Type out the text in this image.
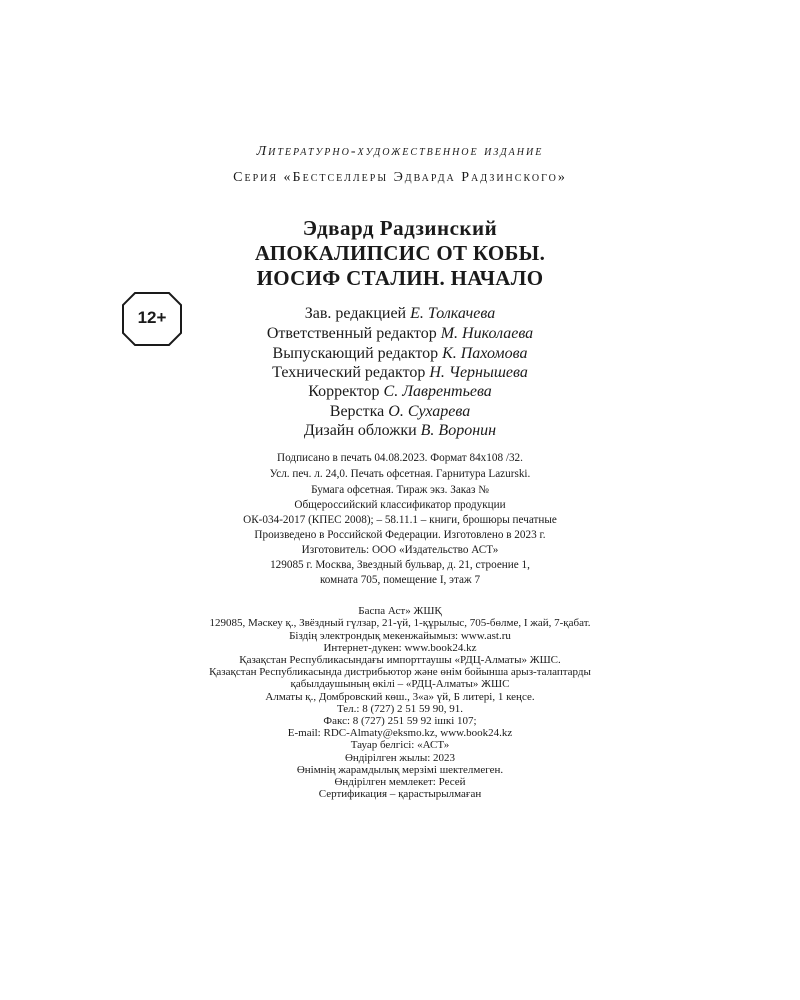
Литературно-художественное издание
Серия «Бестселлеры Эдварда Радзинского»
Эдвард Радзинский
АПОКАЛИПСИС ОТ КОБЫ.
ИОСИФ СТАЛИН. НАЧАЛО
12+	Зав. редакцией Е. Толкачева
Ответственный редактор М. Николаева
Выпускающий редактор К. Пахомова
Технический редактор Н. Чернышева
Корректор С. Лаврентьева
Верстка О. Сухарева
Дизайн обложки В. Воронин
Подписано в печать 04.08.2023. Формат 84x108 /32.
Усл. печ. л. 24,0. Печать офсетная. Гарнитура Lazurski.
Бумага офсетная. Тираж экз. Заказ №
Общероссийский классификатор продукции
ОК-034-2017 (КПЕС 2008); – 58.11.1 – книги, брошюры печатные
Произведено в Российской Федерации. Изготовлено в 2023 г.
Изготовитель: ООО «Издательство АСТ»
129085 г. Москва, Звездный бульвар, д. 21, строение 1,
комната 705, помещение I, этаж 7
Баспа Аст» ЖШҚ
129085, Мәскеу қ., Звёздный гүлзар, 21-үй, 1-құрылыс, 705-бөлме, I жай, 7-қабат.
Біздің электрондық мекенжайымыз: www.ast.ru
Интернет-дукен: www.book24.kz
Қазақстан Республикасындағы импорттаушы «РДЦ-Алматы» ЖШС.
Қазақстан Республикасында дистрибьютор және өнім бойынша арыз-талаптарды
қабылдаушының өкілі – «РДЦ-Алматы» ЖШС
Алматы қ., Домбровский көш., 3«а» үй, Б литері, 1 кеңсе.
Тел.: 8 (727) 2 51 59 90, 91.
Факс: 8 (727) 251 59 92 ішкі 107;
E-mail: RDC-Almaty@eksmo.kz, www.book24.kz
Тауар белгісі: «АСТ»
Өндірілген жылы: 2023
Өнімнің жарамдылық мерзімі шектелмеген.
Өндірілген мемлекет: Ресей
Сертификация – қарастырылмаған
